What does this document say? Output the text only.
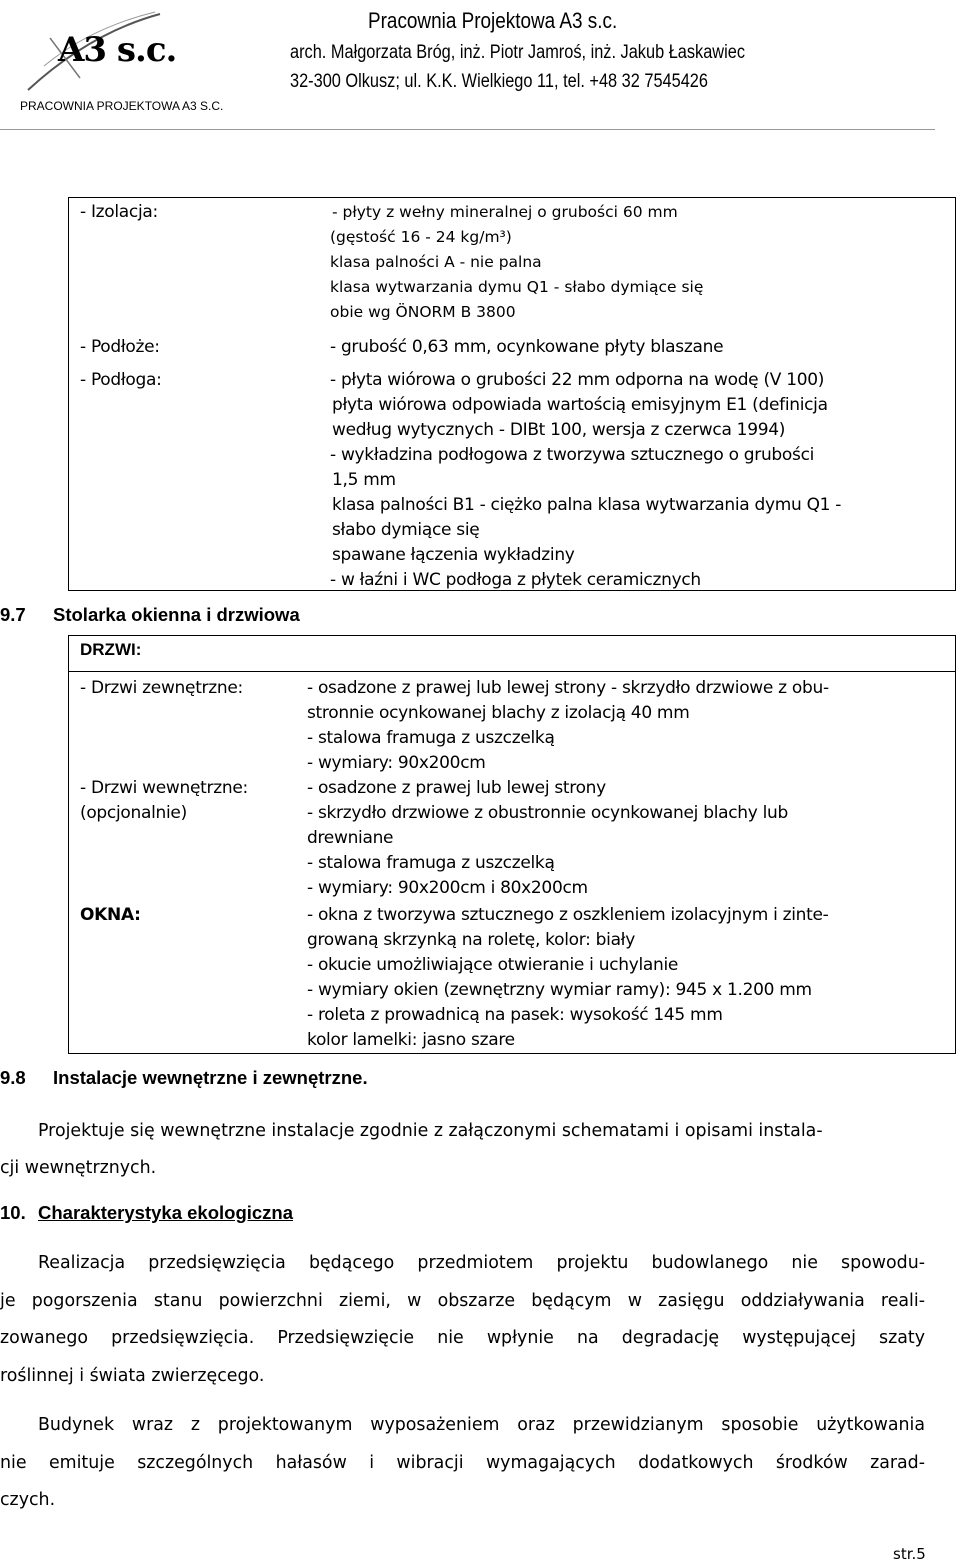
A3 s.c.
PRACOWNIA PROJEKTOWA A3 S.C.
Pracownia Projektowa A3 s.c.
arch. Małgorzata Bróg, inż. Piotr Jamroś, inż. Jakub Łaskawiec
32-300 Olkusz; ul. K.K. Wielkiego 11, tel. +48 32 7545426
- Izolacja:	- płyty z wełny mineralnej o grubości 60 mm
(gęstość 16 - 24 kg/m³)
klasa palności A - nie palna
klasa wytwarzania dymu Q1 - słabo dymiące się
obie wg ÖNORM B 3800
- Podłoże:	- grubość 0,63 mm, ocynkowane płyty blaszane
- Podłoga:	- płyta wiórowa o grubości 22 mm odporna na wodę (V 100)
płyta wiórowa odpowiada wartością emisyjnym E1 (definicja
według wytycznych - DIBt 100, wersja z czerwca 1994)
- wykładzina podłogowa z tworzywa sztucznego o grubości
1,5 mm
klasa palności B1 - ciężko palna klasa wytwarzania dymu Q1 -
słabo dymiące się
spawane łączenia wykładziny
- w łaźni i WC podłoga z płytek ceramicznych
9.7 Stolarka okienna i drzwiowa
DRZWI:
- Drzwi zewnętrzne:	- osadzone z prawej lub lewej strony - skrzydło drzwiowe z obu-
stronnie ocynkowanej blachy z izolacją 40 mm
- stalowa framuga z uszczelką
- wymiary: 90x200cm
- Drzwi wewnętrzne:
(opcjonalnie)
- osadzone z prawej lub lewej strony
- skrzydło drzwiowe z obustronnie ocynkowanej blachy lub
drewniane
- stalowa framuga z uszczelką
- wymiary: 90x200cm i 80x200cm
OKNA:	- okna z tworzywa sztucznego z oszkleniem izolacyjnym i zinte-
growaną skrzynką na roletę, kolor: biały
- okucie umożliwiające otwieranie i uchylanie
- wymiary okien (zewnętrzny wymiar ramy): 945 x 1.200 mm
- roleta z prowadnicą na pasek: wysokość 145 mm
kolor lamelki: jasno szare
9.8 Instalacje wewnętrzne i zewnętrzne.
Projektuje się wewnętrzne instalacje zgodnie z załączonymi schematami i opisami instala-
cji wewnętrznych.
10. Charakterystyka ekologiczna
Realizacja przedsięwzięcia będącego przedmiotem projektu budowlanego nie spowodu-
je pogorszenia stanu powierzchni ziemi, w obszarze będącym w zasięgu oddziaływania reali-
zowanego przedsięwzięcia. Przedsięwzięcie nie wpłynie na degradację występującej szaty
roślinnej i świata zwierzęcego.
Budynek wraz z projektowanym wyposażeniem oraz przewidzianym sposobie użytkowania
nie emituje szczególnych hałasów i wibracji wymagających dodatkowych środków zarad-
czych.
str.5
